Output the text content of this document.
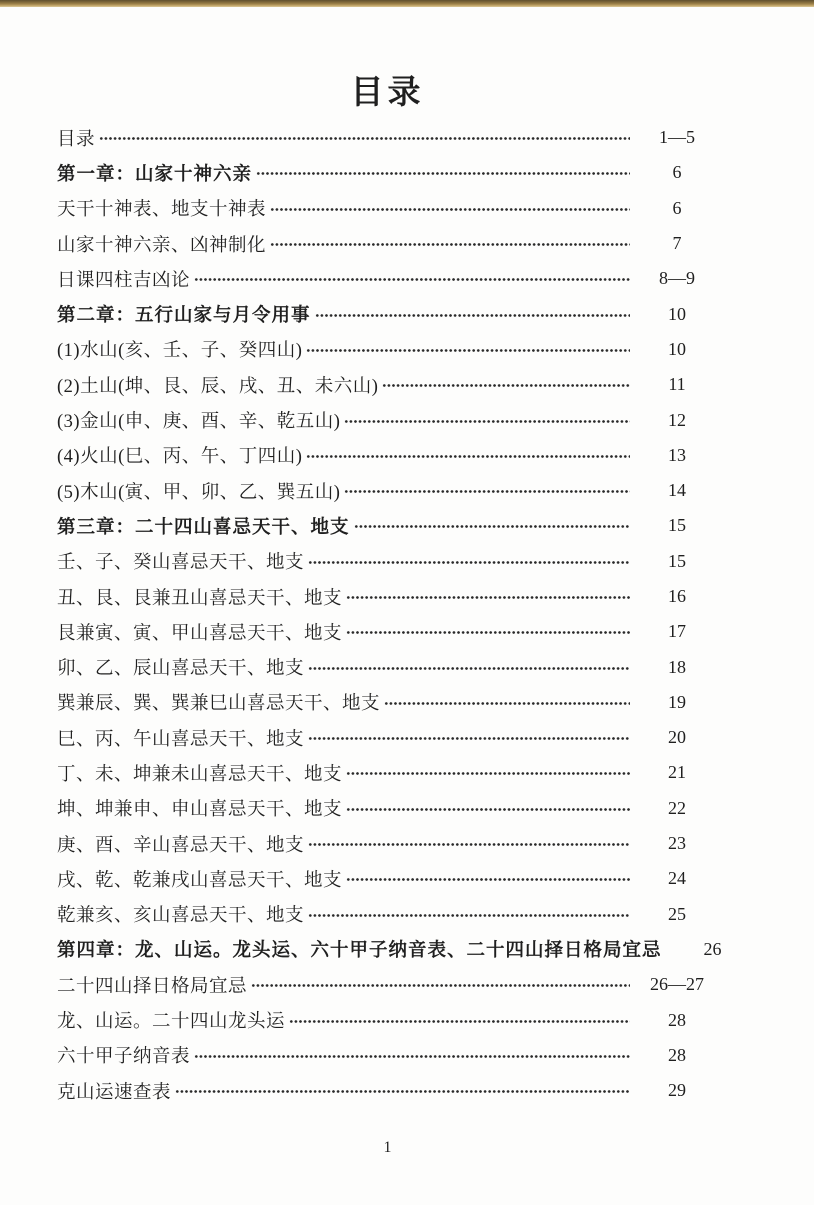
目录
目录	1—5
第一章：山家十神六亲	6
天干十神表、地支十神表	6
山家十神六亲、凶神制化	7
日课四柱吉凶论	8—9
第二章：五行山家与月令用事	10
(1)水山(亥、壬、子、癸四山)	10
(2)土山(坤、艮、辰、戌、丑、未六山)	11
(3)金山(申、庚、酉、辛、乾五山)	12
(4)火山(巳、丙、午、丁四山)	13
(5)木山(寅、甲、卯、乙、巽五山)	14
第三章：二十四山喜忌天干、地支	15
壬、子、癸山喜忌天干、地支	15
丑、艮、艮兼丑山喜忌天干、地支	16
艮兼寅、寅、甲山喜忌天干、地支	17
卯、乙、辰山喜忌天干、地支	18
巽兼辰、巽、巽兼巳山喜忌天干、地支	19
巳、丙、午山喜忌天干、地支	20
丁、未、坤兼未山喜忌天干、地支	21
坤、坤兼申、申山喜忌天干、地支	22
庚、酉、辛山喜忌天干、地支	23
戌、乾、乾兼戌山喜忌天干、地支	24
乾兼亥、亥山喜忌天干、地支	25
第四章：龙、山运。龙头运、六十甲子纳音表、二十四山择日格局宜忌	26
二十四山择日格局宜忌	26—27
龙、山运。二十四山龙头运	28
六十甲子纳音表	28
克山运速查表	29
1
